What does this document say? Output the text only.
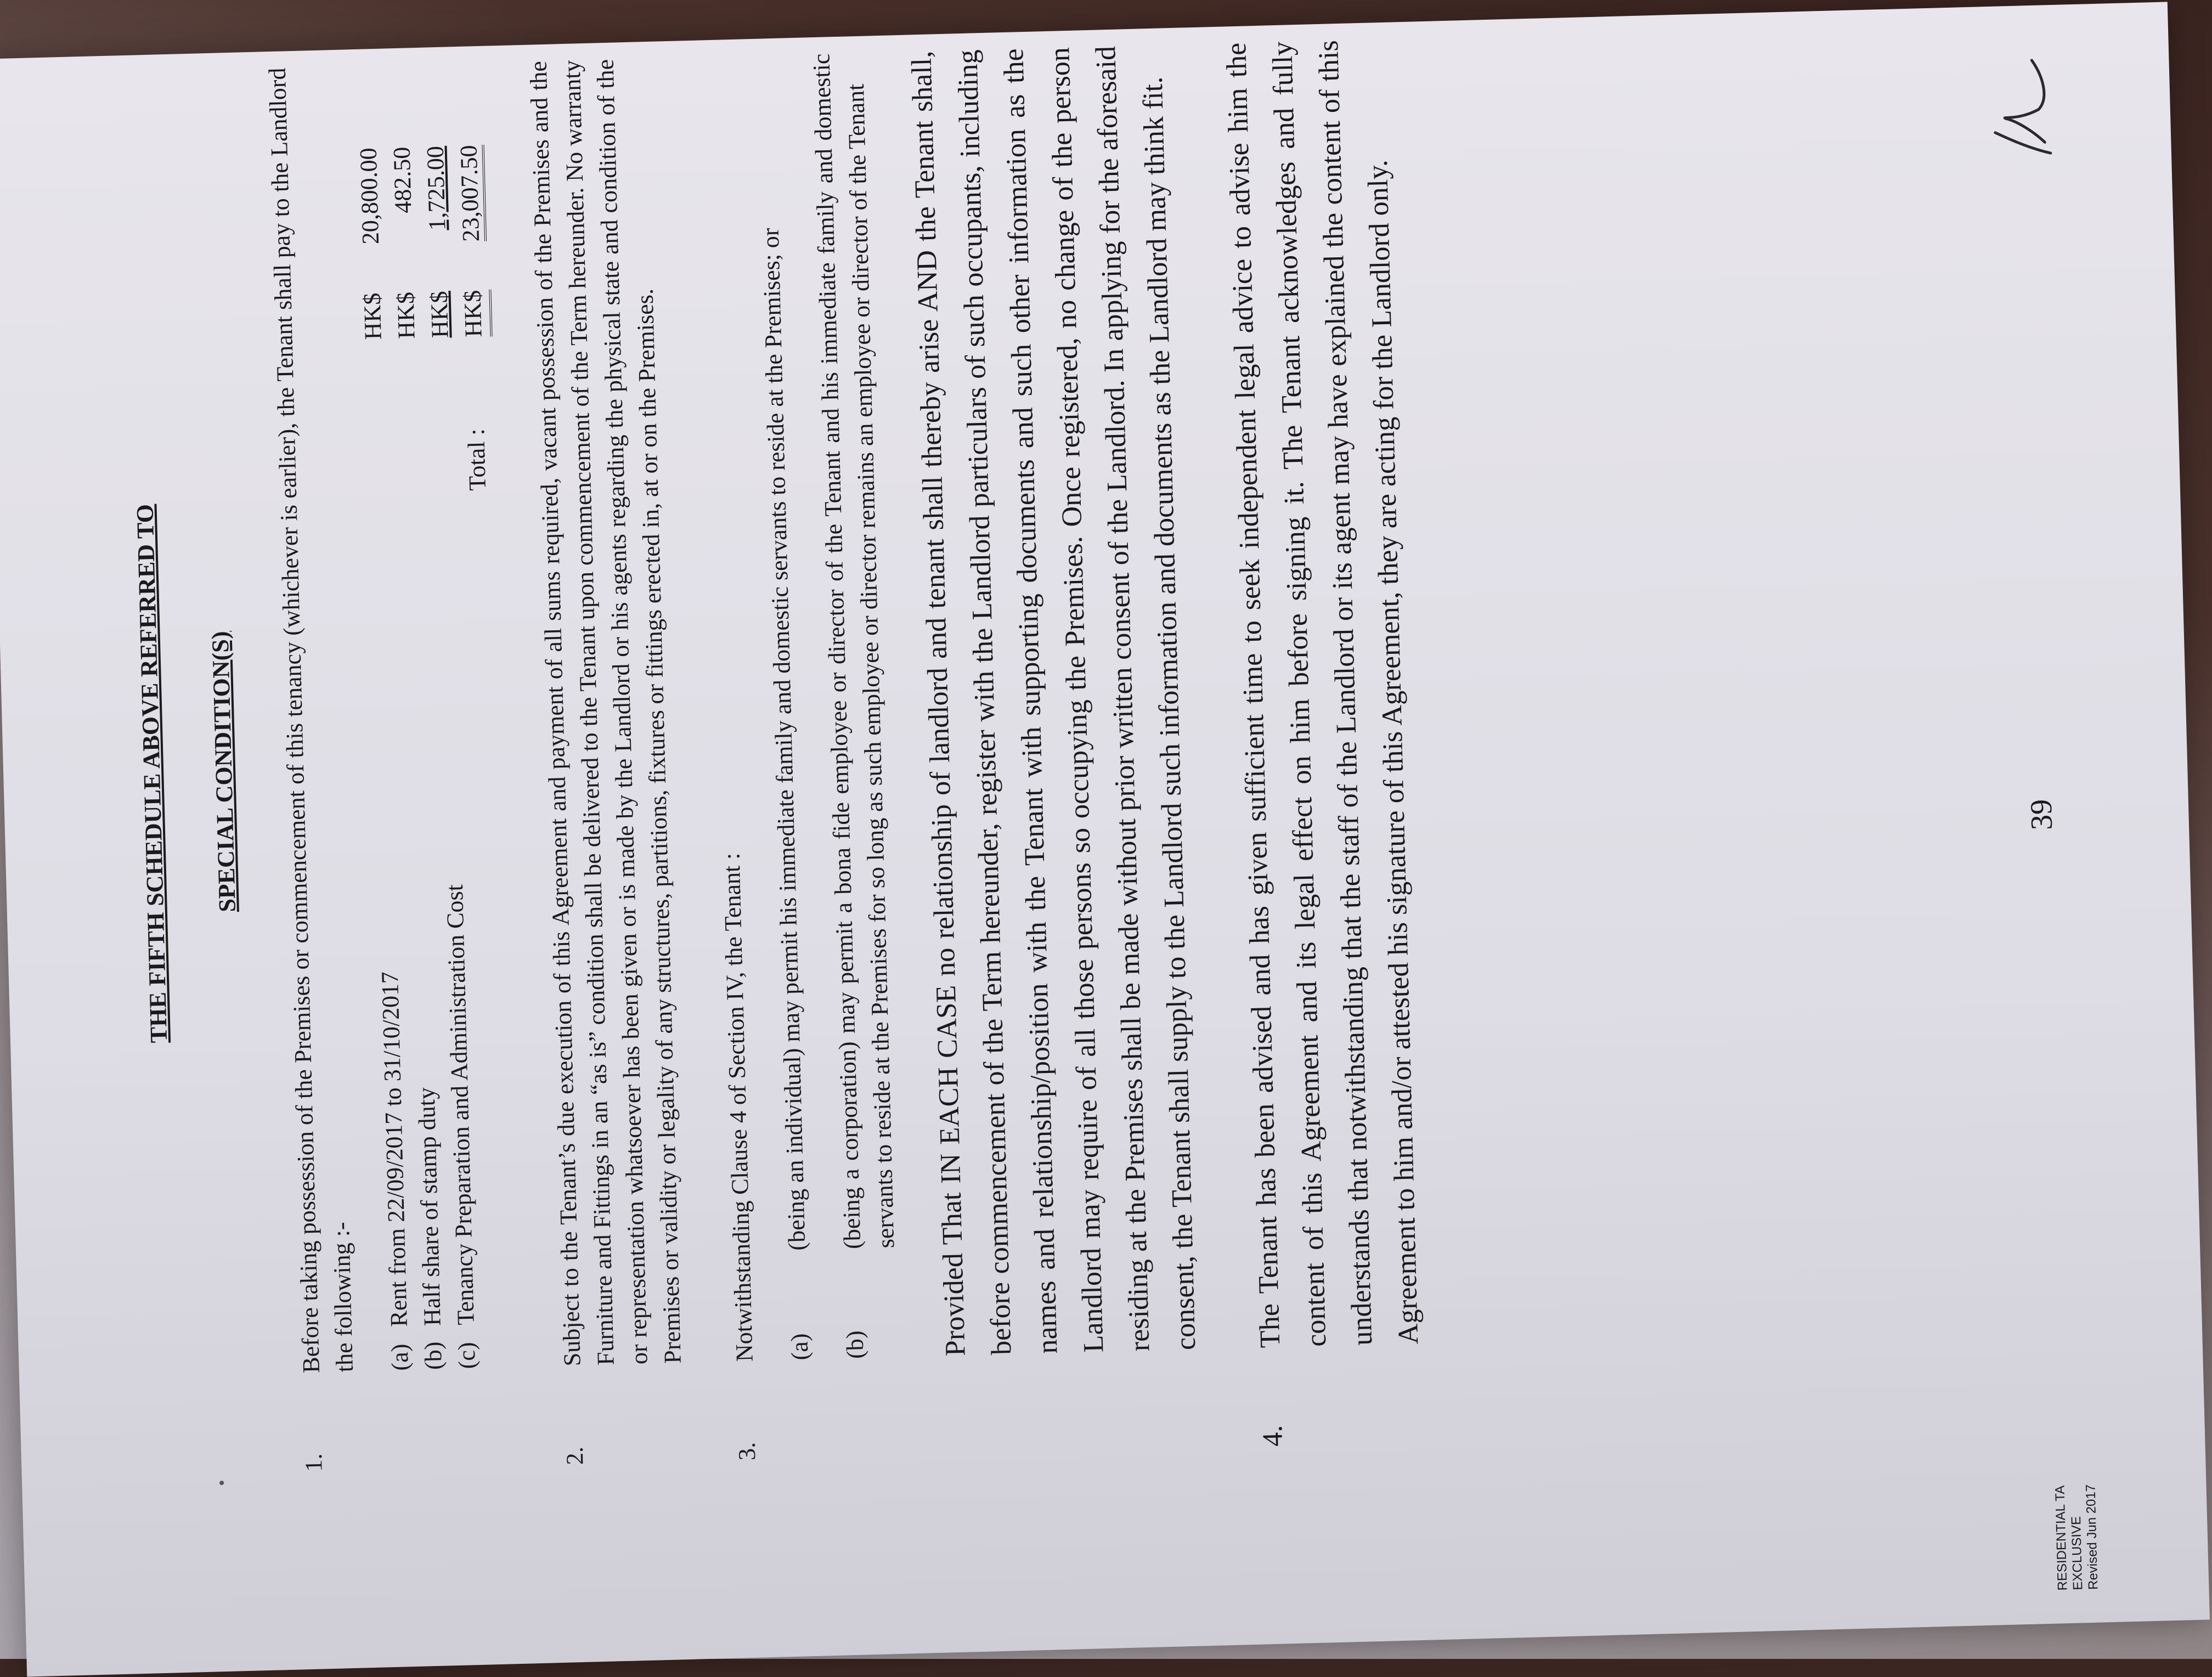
THE FIFTH SCHEDULE ABOVE REFERRED TO	SPECIAL CONDITION(S)
1.
Before taking possession of the Premises or commencement of this tenancy (whichever is earlier), the Tenant shall pay to the Landlord the following :- (a)
Rent from 22/09/2017 to 31/10/2017
HK$
20,800.00
(b)
Half share of stamp duty
HK$
482.50
(c)
Tenancy Preparation and Administration Cost
HK$
1,725.00
Total :
HK$
23,007.50
2.
Subject to the Tenant’s due execution of this Agreement and payment of all sums required, vacant possession of the Premises and the Furniture and Fittings in an “as is” condition shall be delivered to the Tenant upon commencement of the Term hereunder. No warranty or representation whatsoever has been given or is made by the Landlord or his agents regarding the physical state and condition of the Premises or validity or legality of any structures, partitions, fixtures or fittings erected in, at or on the Premises.
3.
Notwithstanding Clause 4 of Section IV, the Tenant : (a)
(being an individual) may permit his immediate family and domestic servants to reside at the Premises; or
(b)
(being a corporation) may permit a bona fide employee or director of the Tenant and his immediate family and domestic servants to reside at the Premises for so long as such employee or director remains an employee or director of the Tenant Provided That IN EACH CASE no relationship of landlord and tenant shall thereby arise AND the Tenant shall, before commencement of the Term hereunder, register with the Landlord particulars of such occupants, including names and relationship/position with the Tenant with supporting documents and such other information as the Landlord may require of all those persons so occupying the Premises. Once registered, no change of the person residing at the Premises shall be made without prior written consent of the Landlord. In applying for the aforesaid consent, the Tenant shall supply to the Landlord such information and documents as the Landlord may think fit.
4.
The Tenant has been advised and has given sufficient time to seek independent legal advice to advise him the content of this Agreement and its legal effect on him before signing it. The Tenant acknowledges and fully understands that notwithstanding that the staff of the Landlord or its agent may have explained the content of this Agreement to him and/or attested his signature of this Agreement, they are acting for the Landlord only.	39
RESIDENTIAL TA
EXCLUSIVE
Revised Jun 2017
